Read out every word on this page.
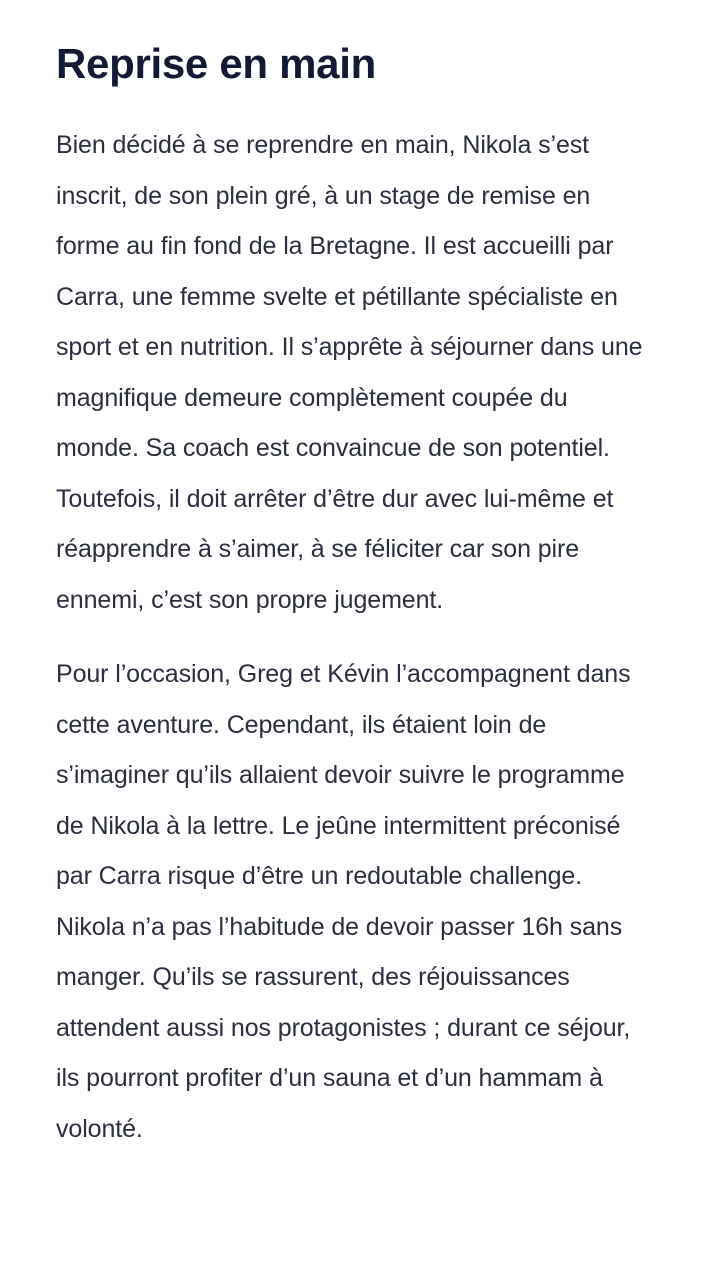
Reprise en main

Bien décidé à se reprendre en main, Nikola s’est inscrit, de son plein gré, à un stage de remise en forme au fin fond de la Bretagne. Il est accueilli par Carra, une femme svelte et pétillante spécialiste en sport et en nutrition. Il s’apprête à séjourner dans une magnifique demeure complètement coupée du monde. Sa coach est convaincue de son potentiel. Toutefois, il doit arrêter d’être dur avec lui-même et réapprendre à s’aimer, à se féliciter car son pire ennemi, c’est son propre jugement.

Pour l’occasion, Greg et Kévin l’accompagnent dans cette aventure. Cependant, ils étaient loin de s’imaginer qu’ils allaient devoir suivre le programme de Nikola à la lettre. Le jeûne intermittent préconisé par Carra risque d’être un redoutable challenge. Nikola n’a pas l’habitude de devoir passer 16h sans manger. Qu’ils se rassurent, des réjouissances attendent aussi nos protagonistes ; durant ce séjour, ils pourront profiter d’un sauna et d’un hammam à volonté.
